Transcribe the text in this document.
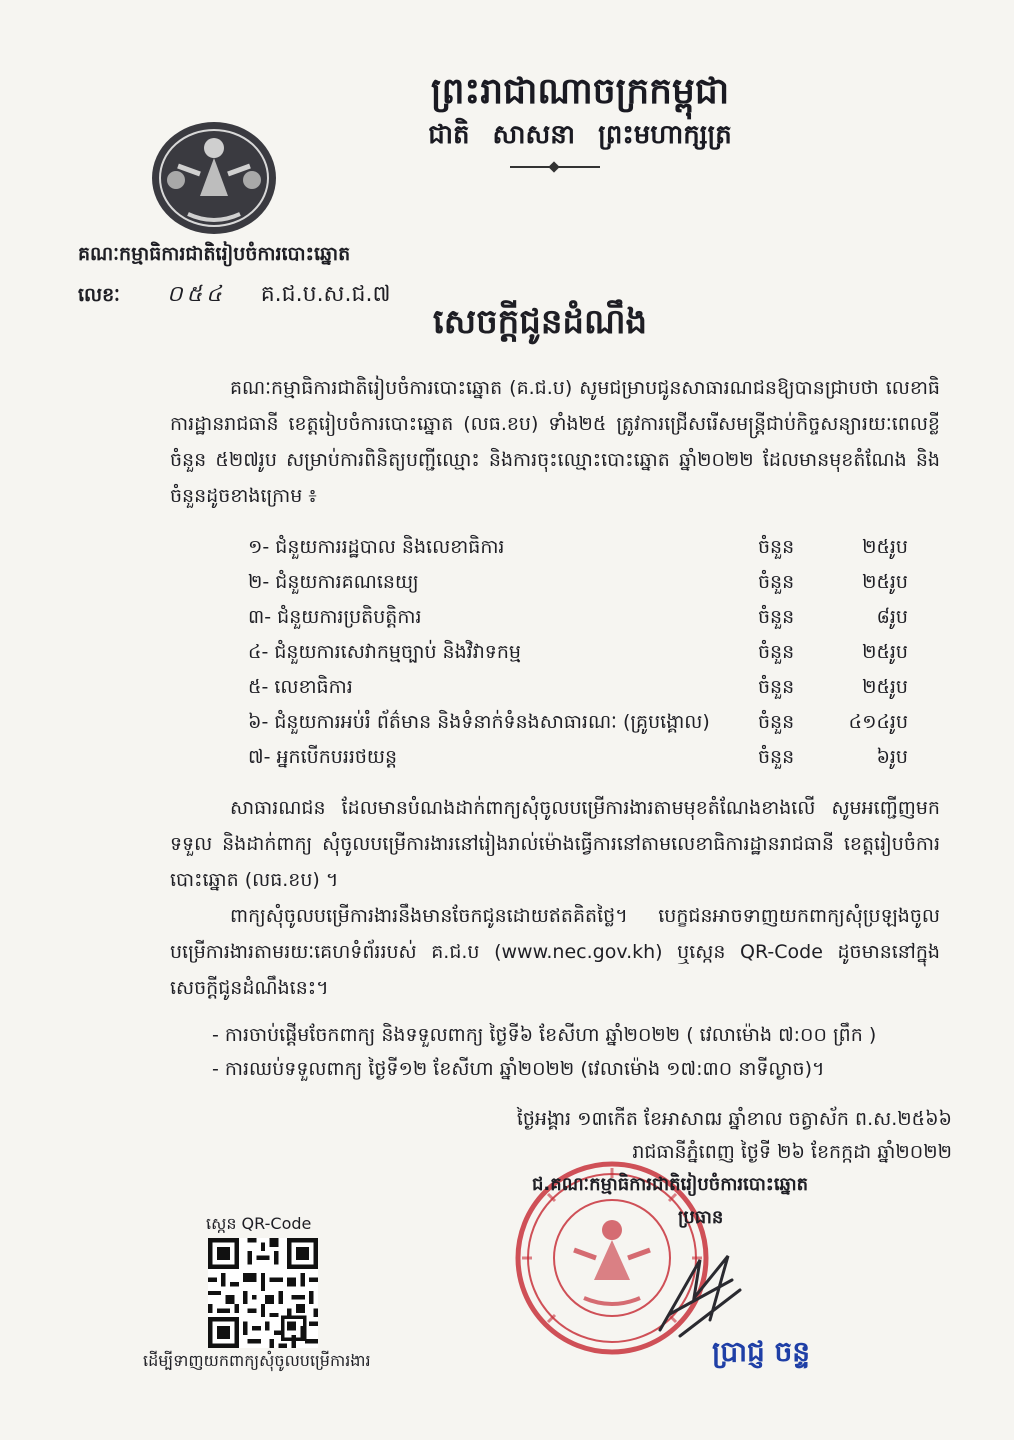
ព្រះរាជាណាចក្រកម្ពុជា
ជាតិ សាសនា ព្រះមហាក្សត្រ
គណៈកម្មាធិការជាតិរៀបចំការបោះឆ្នោត
លេខៈ ០៥៤ គ.ជ.ប.ស.ជ.៧
សេចក្ដីជូនដំណឹង
គណៈកម្មាធិការជាតិរៀបចំការបោះឆ្នោត (គ.ជ.ប) សូមជម្រាបជូនសាធារណជនឱ្យបានជ្រាបថា លេខាធិការដ្ឋានរាជធានី ខេត្តរៀបចំការបោះឆ្នោត (លធ.ខប) ទាំង២៥ ត្រូវការជ្រើសរើសមន្ត្រីជាប់កិច្ចសន្យារយៈពេលខ្លីចំនួន ៥២៧រូប សម្រាប់ការពិនិត្យបញ្ជីឈ្មោះ និងការចុះឈ្មោះបោះឆ្នោត ឆ្នាំ២០២២ ដែលមានមុខតំណែង និងចំនួនដូចខាងក្រោម ៖
១- ជំនួយការរដ្ឋបាល និងលេខាធិការ	ចំនួន	២៥រូប
២- ជំនួយការគណនេយ្យ	ចំនួន	២៥រូប
៣- ជំនួយការប្រតិបត្តិការ	ចំនួន	៨រូប
៤- ជំនួយការសេវាកម្មច្បាប់ និងវិវាទកម្ម	ចំនួន	២៥រូប
៥- លេខាធិការ	ចំនួន	២៥រូប
៦- ជំនួយការអប់រំ ព័ត៌មាន និងទំនាក់ទំនងសាធារណៈ (គ្រូបង្គោល)	ចំនួន	៤១៤រូប
៧- អ្នកបើកបររថយន្ត	ចំនួន	៦រូប
សាធារណជន ដែលមានបំណងដាក់ពាក្យសុំចូលបម្រើការងារតាមមុខតំណែងខាងលើ សូមអញ្ជើញមកទទួល និងដាក់ពាក្យ សុំចូលបម្រើការងារនៅរៀងរាល់ម៉ោងធ្វើការនៅតាមលេខាធិការដ្ឋានរាជធានី ខេត្តរៀបចំការបោះឆ្នោត (លធ.ខប) ។
ពាក្យសុំចូលបម្រើការងារនឹងមានចែកជូនដោយឥតគិតថ្លៃ។ បេក្ខជនអាចទាញយកពាក្យសុំប្រឡងចូលបម្រើការងារតាមរយៈគេហទំព័ររបស់ គ.ជ.ប (www.nec.gov.kh) ឬស្កេន QR-Code ដូចមាននៅក្នុងសេចក្ដីជូនដំណឹងនេះ។
- ការចាប់ផ្ដើមចែកពាក្យ និងទទួលពាក្យ ថ្ងៃទី៦ ខែសីហា ឆ្នាំ២០២២ ( វេលាម៉ោង ៧:០០ ព្រឹក )
- ការឈប់ទទួលពាក្យ ថ្ងៃទី១២ ខែសីហា ឆ្នាំ២០២២ (វេលាម៉ោង ១៧:៣០ នាទីល្ងាច)។
ថ្ងៃអង្គារ ១៣កើត ខែអាសាឍ ឆ្នាំខាល ចត្វាស័ក ព.ស.២៥៦៦
រាជធានីភ្នំពេញ ថ្ងៃទី ២៦ ខែកក្កដា ឆ្នាំ២០២២
ជ.គណៈកម្មាធិការជាតិរៀបចំការបោះឆ្នោត
ប្រធាន
ប្រាជ្ញ ចន្ទ
ស្កេន QR-Code
ដើម្បីទាញយកពាក្យសុំចូលបម្រើការងារ
